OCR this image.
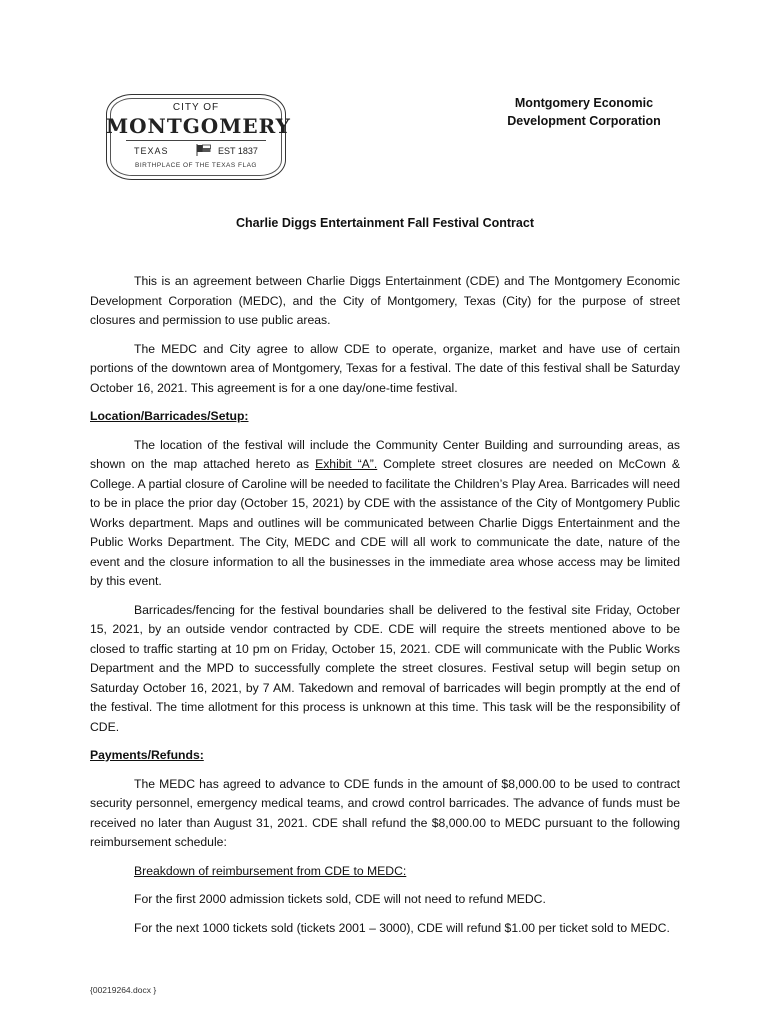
CITY OF
MONTGOMERY
TEXAS	EST 1837
BIRTHPLACE OF THE TEXAS FLAG
Montgomery Economic
Development Corporation
Charlie Diggs Entertainment Fall Festival Contract

This is an agreement between Charlie Diggs Entertainment (CDE) and The Montgomery Economic Development Corporation (MEDC), and the City of Montgomery, Texas (City) for the purpose of street closures and permission to use public areas.

The MEDC and City agree to allow CDE to operate, organize, market and have use of certain portions of the downtown area of Montgomery, Texas for a festival. The date of this festival shall be Saturday October 16, 2021. This agreement is for a one day/one-time festival.

Location/Barricades/Setup:

The location of the festival will include the Community Center Building and surrounding areas, as shown on the map attached hereto as Exhibit “A”. Complete street closures are needed on McCown & College. A partial closure of Caroline will be needed to facilitate the Children’s Play Area. Barricades will need to be in place the prior day (October 15, 2021) by CDE with the assistance of the City of Montgomery Public Works department. Maps and outlines will be communicated between Charlie Diggs Entertainment and the Public Works Department. The City, MEDC and CDE will all work to communicate the date, nature of the event and the closure information to all the businesses in the immediate area whose access may be limited by this event.

Barricades/fencing for the festival boundaries shall be delivered to the festival site Friday, October 15, 2021, by an outside vendor contracted by CDE. CDE will require the streets mentioned above to be closed to traffic starting at 10 pm on Friday, October 15, 2021. CDE will communicate with the Public Works Department and the MPD to successfully complete the street closures. Festival setup will begin setup on Saturday October 16, 2021, by 7 AM. Takedown and removal of barricades will begin promptly at the end of the festival. The time allotment for this process is unknown at this time. This task will be the responsibility of CDE.

Payments/Refunds:

The MEDC has agreed to advance to CDE funds in the amount of $8,000.00 to be used to contract security personnel, emergency medical teams, and crowd control barricades. The advance of funds must be received no later than August 31, 2021. CDE shall refund the $8,000.00 to MEDC pursuant to the following reimbursement schedule:

Breakdown of reimbursement from CDE to MEDC:

For the first 2000 admission tickets sold, CDE will not need to refund MEDC.

For the next 1000 tickets sold (tickets 2001 – 3000), CDE will refund $1.00 per ticket sold to MEDC.

{00219264.docx }
